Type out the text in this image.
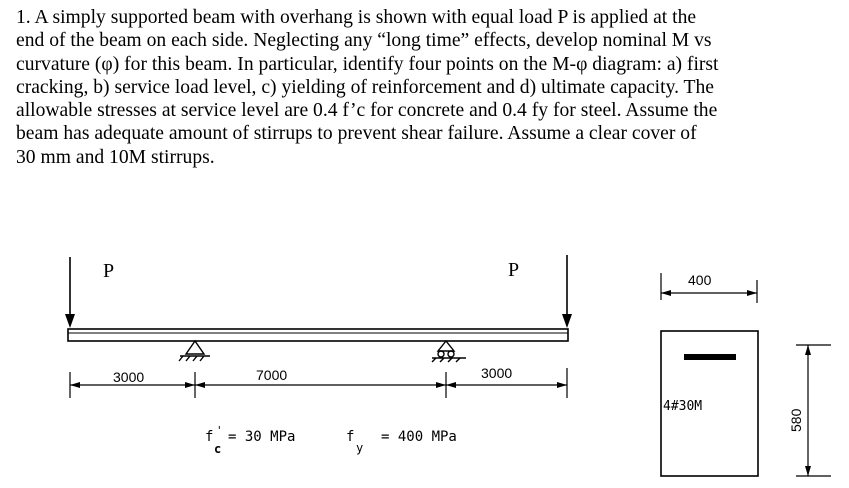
1. A simply supported beam with overhang is shown with equal load P is applied at the
end of the beam on each side. Neglecting any “long time” effects, develop nominal M vs
curvature (φ) for this beam. In particular, identify four points on the M-φ diagram: a) first
cracking, b) service load level, c) yielding of reinforcement and d) ultimate capacity. The
allowable stresses at service level are 0.4 f’c for concrete and 0.4 fy for steel. Assume the
beam has adequate amount of stirrups to prevent shear failure. Assume a clear cover of
30 mm and 10M stirrups.
P	P
3000	7000	3000
f '
c
= 30 MPa	f
y
= 400 MPa
400
4#30M
580
